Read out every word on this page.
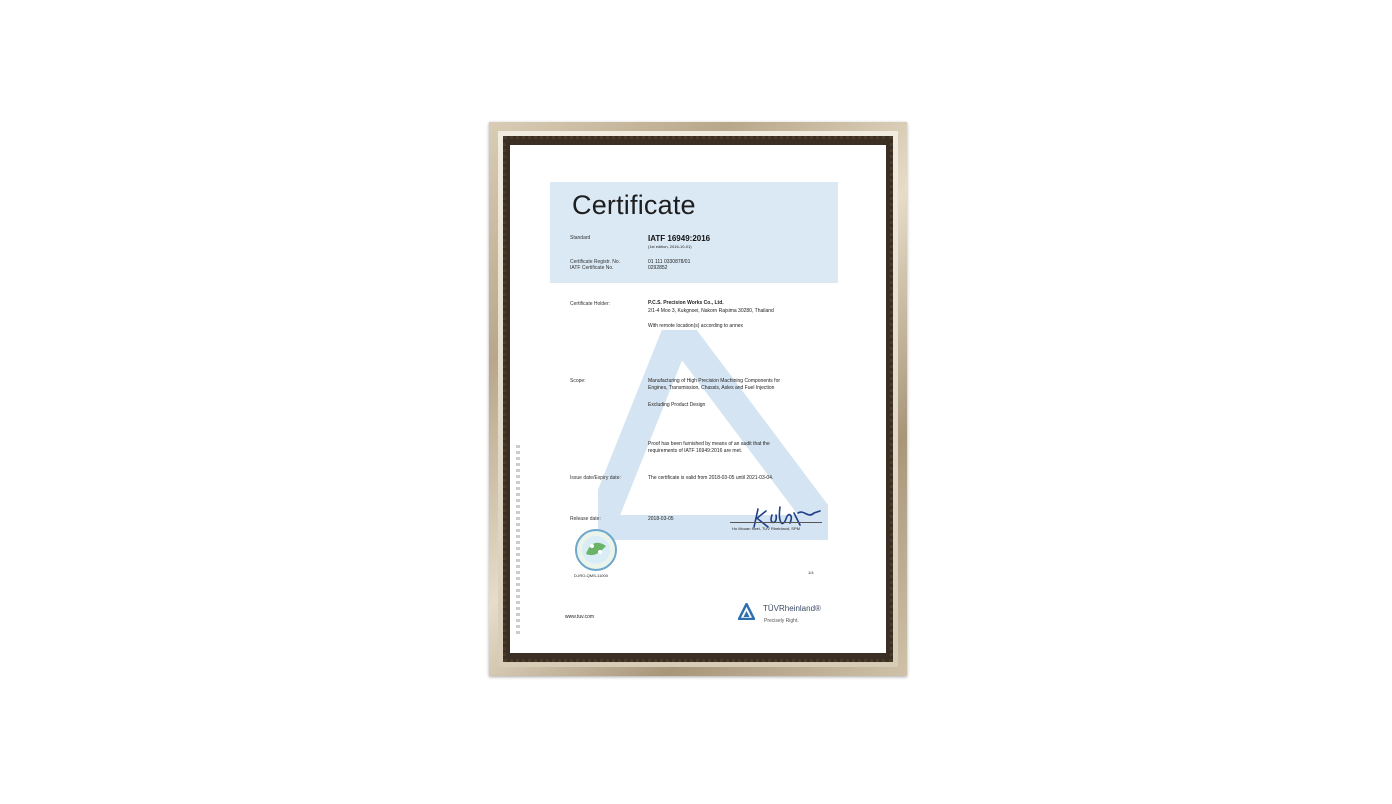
Certificate
Standard	IATF 16949:2016
(1st edition, 2016-10-01)
Certificate Registr. No.	01 111 0330878/01
IATF Certificate No.	0292852
Certificate Holder:	P.C.S. Precision Works Co., Ltd.
2/1-4 Moo 3, Kukgnoei, Nakorn Rajsima 30280, Thailand
With remote location(s) according to annex
Scope:	Manufacturing of High Precision Machining Components for
Engines, Transmission, Chassis, Axles and Fuel Injection
Excluding Product Design
Proof has been furnished by means of an audit that the
requirements of IATF 16949:2016 are met.
Issue date/Expiry date:	The certificate is valid from 2018-03-05 until 2021-03-04.
Release date:	2018-03-05
Ho Mouan Neel, TUV Rheinland, SPM
D-IRO-QMS-11000
1/4
www.tuv.com
TÜVRheinland®
Precisely Right.
